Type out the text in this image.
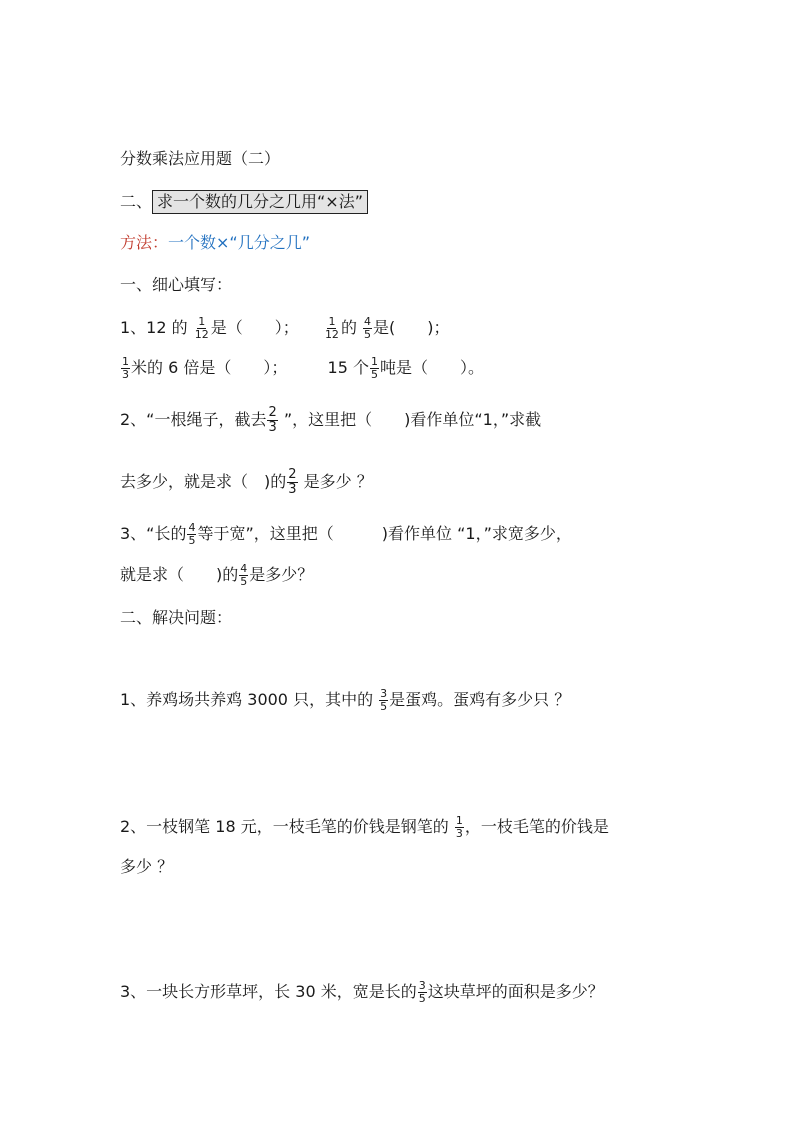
分数乘法应用题（二）
二、 求一个数的几分之几用“×法”
方法：一个数×“几分之几”
一、细心填写：
1、12 的 $\frac{1}{12}$ 是（　　）； $\frac{1}{12}$ 的 $\frac{4}{5}$ 是(　　)；
$\frac{1}{3}$ 米的 6 倍是（　　）；	15 个 $\frac{1}{5}$ 吨是（　　）。
2、“一根绳子，截去 $\frac{2}{3}$ ”，这里把（　　)看作单位“1，”求截
去多少，就是求（　)的 $\frac{2}{3}$ 是多少 ？
3、“长的 $\frac{4}{5}$ 等于宽”，这里把（　　　)看作单位 “1，”求宽多少，
就是求（　　)的 $\frac{4}{5}$ 是多少？
二、解决问题：
1、养鸡场共养鸡 3000 只，其中的 $\frac{3}{5}$ 是蛋鸡。蛋鸡有多少只 ？
2、一枝钢笔 18 元，一枝毛笔的价钱是钢笔的 $\frac{1}{3}$ ，一枝毛笔的价钱是
多少 ？
3、一块长方形草坪，长 30 米，宽是长的 $\frac{3}{5}$ 这块草坪的面积是多少？
